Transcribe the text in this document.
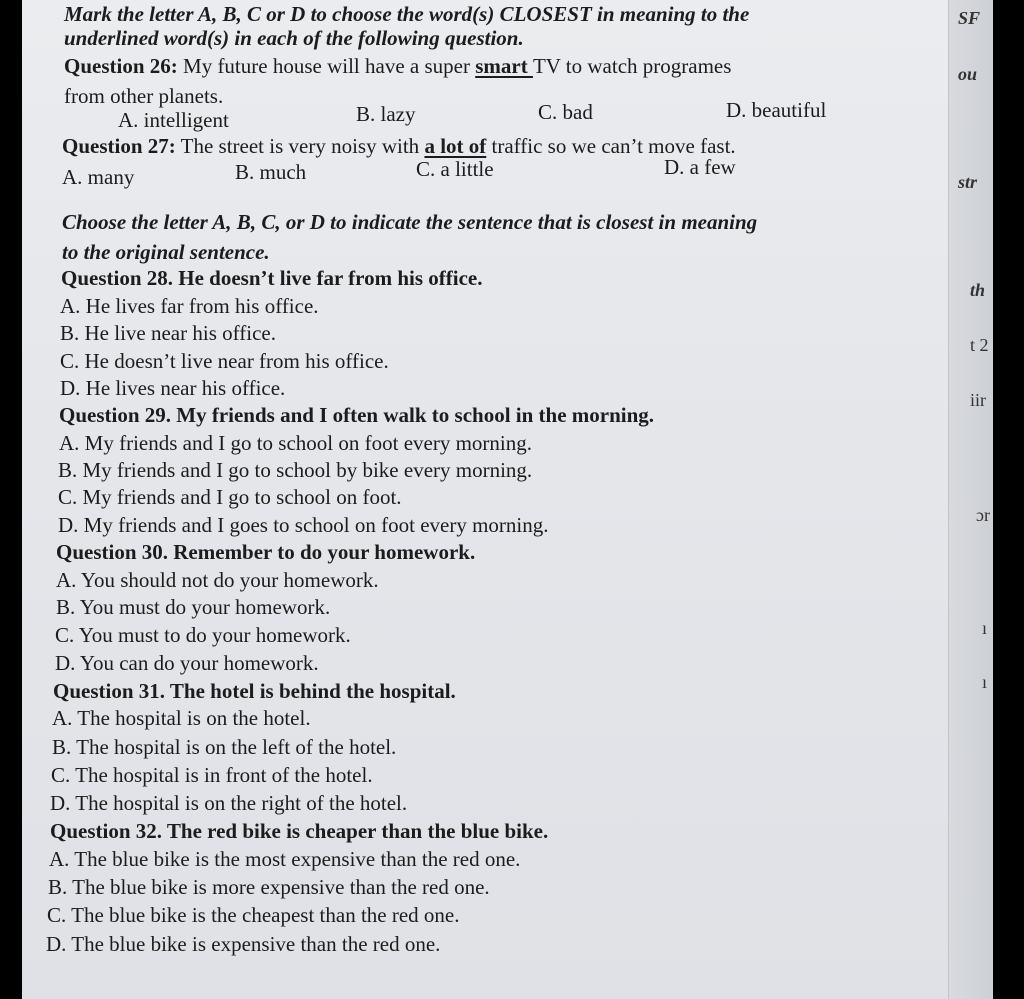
SF
ou
str
th
t 2
iir
ɔr
ı
ı
Mark the letter A, B, C or D to choose the word(s) CLOSEST in meaning to the
underlined word(s) in each of the following question.
Question 26: My future house will have a super smart TV to watch programes
from other planets.
A. intelligent	B. lazy	C. bad	D. beautiful
Question 27: The street is very noisy with a lot of traffic so we can’t move fast.
A. many	B. much	C. a little	D. a few
Choose the letter A, B, C, or D to indicate the sentence that is closest in meaning
to the original sentence.
Question 28. He doesn’t live far from his office.
A. He lives far from his office.
B. He live near his office.
C. He doesn’t live near from his office.
D. He lives near his office.
Question 29. My friends and I often walk to school in the morning.
A. My friends and I go to school on foot every morning.
B. My friends and I go to school by bike every morning.
C. My friends and I go to school on foot.
D. My friends and I goes to school on foot every morning.
Question 30. Remember to do your homework.
A. You should not do your homework.
B. You must do your homework.
C. You must to do your homework.
D. You can do your homework.
Question 31. The hotel is behind the hospital.
A. The hospital is on the hotel.
B. The hospital is on the left of the hotel.
C. The hospital is in front of the hotel.
D. The hospital is on the right of the hotel.
Question 32. The red bike is cheaper than the blue bike.
A. The blue bike is the most expensive than the red one.
B. The blue bike is more expensive than the red one.
C. The blue bike is the cheapest than the red one.
D. The blue bike is expensive than the red one.
